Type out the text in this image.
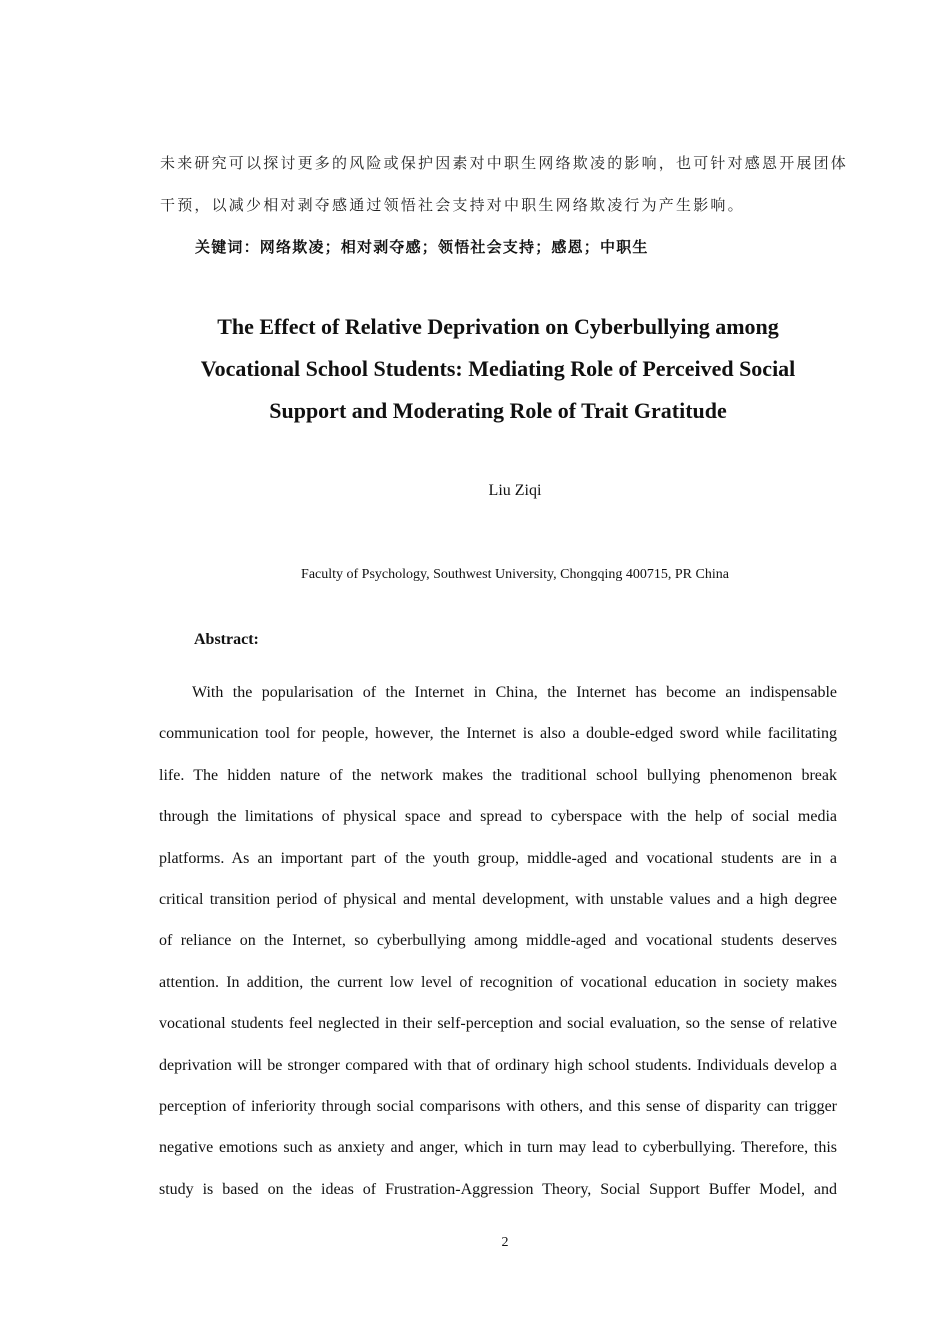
未来研究可以探讨更多的风险或保护因素对中职生网络欺凌的影响，也可针对感恩开展团体

干预，以减少相对剥夺感通过领悟社会支持对中职生网络欺凌行为产生影响。

关键词：网络欺凌；相对剥夺感；领悟社会支持；感恩；中职生

The Effect of Relative Deprivation on Cyberbullying among
Vocational School Students: Mediating Role of Perceived Social
Support and Moderating Role of Trait Gratitude

Liu Ziqi

Faculty of Psychology, Southwest University, Chongqing 400715, PR China

Abstract:

With the popularisation of the Internet in China, the Internet has become an indispensable
communication tool for people, however, the Internet is also a double-edged sword while facilitating
life. The hidden nature of the network makes the traditional school bullying phenomenon break
through the limitations of physical space and spread to cyberspace with the help of social media
platforms. As an important part of the youth group, middle-aged and vocational students are in a
critical transition period of physical and mental development, with unstable values and a high degree
of reliance on the Internet, so cyberbullying among middle-aged and vocational students deserves
attention. In addition, the current low level of recognition of vocational education in society makes
vocational students feel neglected in their self-perception and social evaluation, so the sense of relative
deprivation will be stronger compared with that of ordinary high school students. Individuals develop a
perception of inferiority through social comparisons with others, and this sense of disparity can trigger
negative emotions such as anxiety and anger, which in turn may lead to cyberbullying. Therefore, this
study is based on the ideas of Frustration-Aggression Theory, Social Support Buffer Model, and

2
